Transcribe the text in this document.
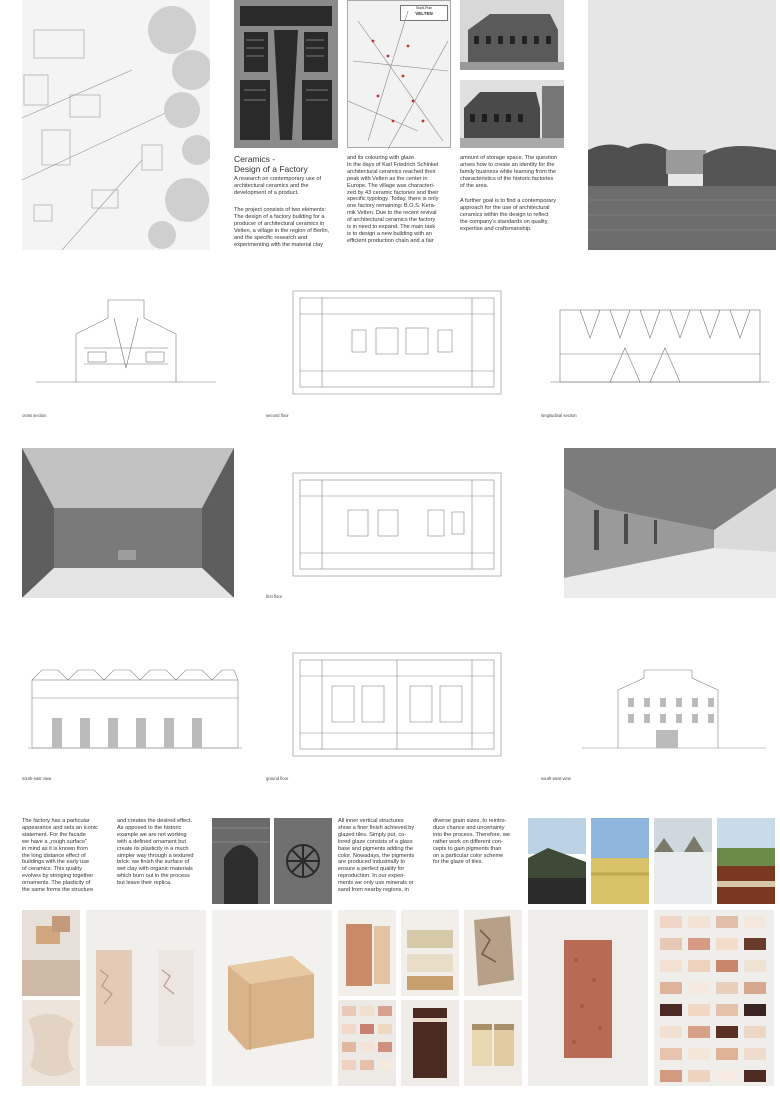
Stadt-Plan
VELTEN
Ceramics -
Design of a Factory
A research on contemporary use of
architectural ceramics and the
development of a product.
The project consists of two elements:
The design of a factory building for a
producer of architectural ceramics in
Velten, a village in the region of Berlin,
and the specific research and
experimenting with the material clay
and its colouring with glaze.
In the days of Karl Friedrich Schinkel
architectural ceramics reached their
peak with Velten as the center in
Europe. The village was characteri-
zed by 43 ceramic factories and their
specific typology. Today, there is only
one factory remaining: B.O.S. Kera-
mik Velten. Due to the recent revival
of architectural ceramics the factory
is in need to expand. The main task
is to design a new building with an
efficient production chain and a fair
amount of storage space. The question
arises how to create an identity for the
family business while learning from the
characteristics of the historic factories
of the area.
A further goal is to find a contemporary
approach for the use of architectural
ceramics within the design to reflect
the company's standards on quality,
expertise and craftsmanship.
cross section	second floor	longitudinal section
first floor
south-east view	ground floor	south-west view
The factory has a particular
appearance and sets an iconic
statement. For the facade
we have a „rough surface“
in mind as it is known from
the long distance effect of
buildings with the early use
of ceramics. This quality
evolves by stringing together
ornaments. The plasticity of
the same forms the structure
and creates the desired effect.
As opposed to the historic
example we are not working
with a defined ornament but
create its plasticity in a much
simpler way through a textured
brick: we finish the surface of
wet clay with organic materials
which burn out in the process
but leave their replica.
All inner vertical structures
show a finer finish achieved by
glazed tiles. Simply put, co-
lored glaze consists of a glass
base and pigments adding the
color. Nowadays, the pigments
are produced industrially to
ensure a perfect quality for
reproduction. In our experi-
ments we only use minerals or
sand from nearby regions, in
diverse grain sizes, to reintro-
duce chance and uncertainty
into the process. Therefore, we
rather work on different con-
cepts to gain pigments than
on a particular color scheme
for the glaze of tiles.
